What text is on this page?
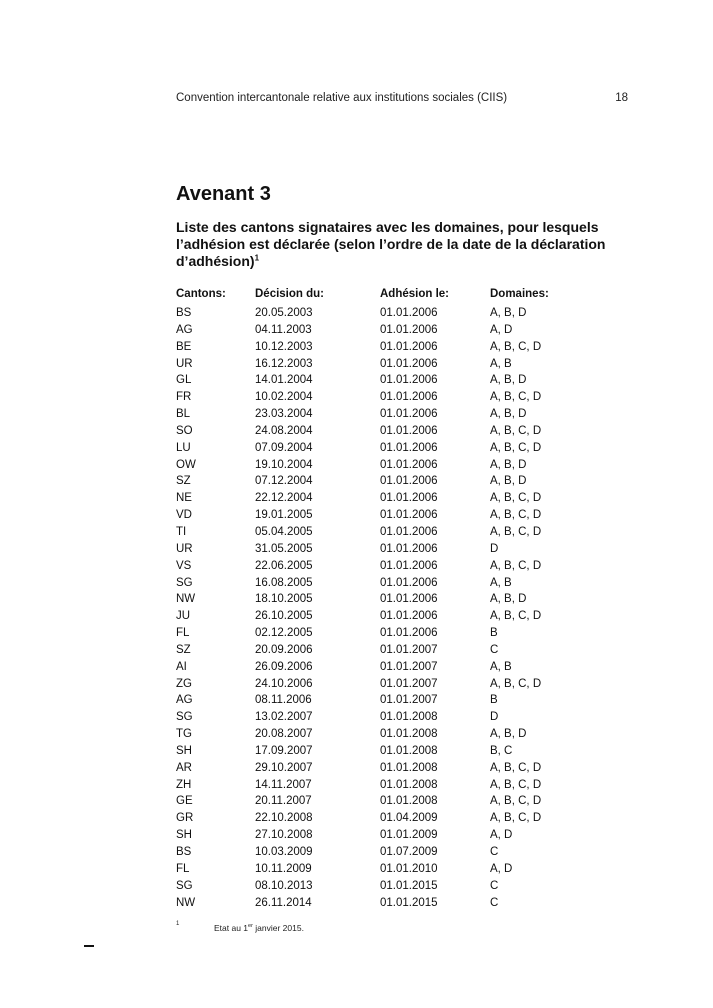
Convention intercantonale relative aux institutions sociales (CIIS)	18
Avenant 3
Liste des cantons signataires avec les domaines, pour lesquels l’adhésion est déclarée (selon l’ordre de la date de la déclaration d’adhésion)$^1$
Cantons:	Décision du:	Adhésion le:	Domaines:
BS	20.05.2003	01.01.2006	A, B, D
AG	04.11.2003	01.01.2006	A, D
BE	10.12.2003	01.01.2006	A, B, C, D
UR	16.12.2003	01.01.2006	A, B
GL	14.01.2004	01.01.2006	A, B, D
FR	10.02.2004	01.01.2006	A, B, C, D
BL	23.03.2004	01.01.2006	A, B, D
SO	24.08.2004	01.01.2006	A, B, C, D
LU	07.09.2004	01.01.2006	A, B, C, D
OW	19.10.2004	01.01.2006	A, B, D
SZ	07.12.2004	01.01.2006	A, B, D
NE	22.12.2004	01.01.2006	A, B, C, D
VD	19.01.2005	01.01.2006	A, B, C, D
TI	05.04.2005	01.01.2006	A, B, C, D
UR	31.05.2005	01.01.2006	D
VS	22.06.2005	01.01.2006	A, B, C, D
SG	16.08.2005	01.01.2006	A, B
NW	18.10.2005	01.01.2006	A, B, D
JU	26.10.2005	01.01.2006	A, B, C, D
FL	02.12.2005	01.01.2006	B
SZ	20.09.2006	01.01.2007	C
AI	26.09.2006	01.01.2007	A, B
ZG	24.10.2006	01.01.2007	A, B, C, D
AG	08.11.2006	01.01.2007	B
SG	13.02.2007	01.01.2008	D
TG	20.08.2007	01.01.2008	A, B, D
SH	17.09.2007	01.01.2008	B, C
AR	29.10.2007	01.01.2008	A, B, C, D
ZH	14.11.2007	01.01.2008	A, B, C, D
GE	20.11.2007	01.01.2008	A, B, C, D
GR	22.10.2008	01.04.2009	A, B, C, D
SH	27.10.2008	01.01.2009	A, D
BS	10.03.2009	01.07.2009	C
FL	10.11.2009	01.01.2010	A, D
SG	08.10.2013	01.01.2015	C
NW	26.11.2014	01.01.2015	C
1	Etat au 1er janvier 2015.
